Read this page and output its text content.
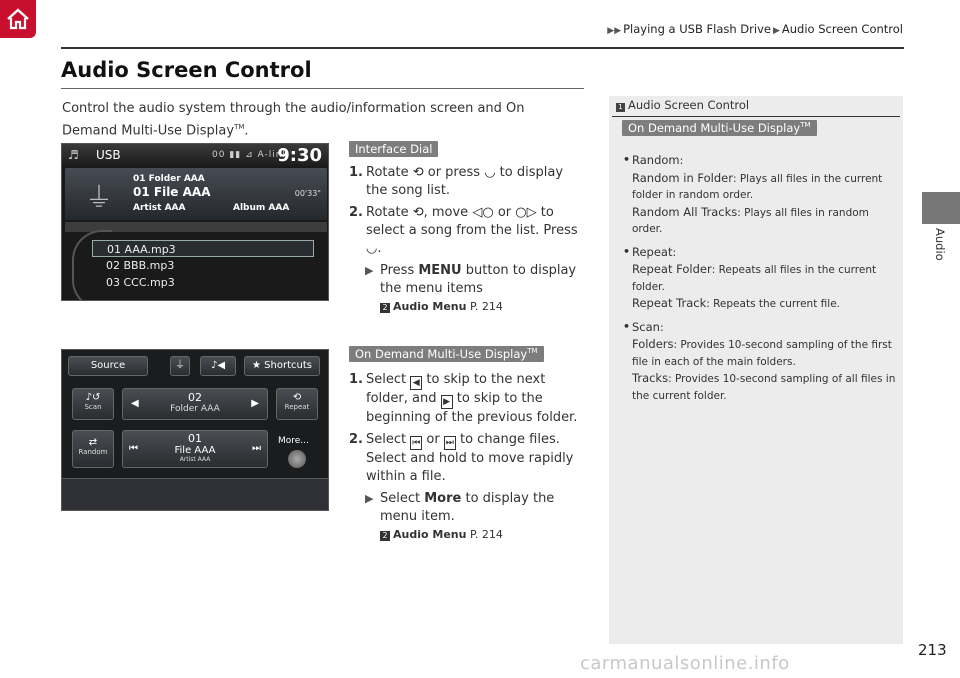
▶▶ Playing a USB Flash Drive ▶ Audio Screen Control
Audio
Audio Screen Control

Control the audio system through the audio/information screen and On Demand Multi-Use Display™.

♬ USB	00 ▮▮ ⊿ A-link
9:30
⏚
01 Folder AAA
01 File AAA
Artist AAA	Album AAA
00'33"
01 AAA.mp3
02 BBB.mp3
03 CCC.mp3
Source	⏚	♪◀	★ Shortcuts
♪↺
Scan	◀	02
Folder AAA	▶
⟲
Repeat
⇄
Random	⏮
01
File AAA
Artist AAA
⏭
More...
Interface Dial
1. Rotate ⟲ or press ◡ to display the song list.
2. Rotate ⟲, move ◁○ or ○▷ to select a song from the list. Press ◡.
▶ Press MENU button to display the menu items
2 Audio Menu P. 214
On Demand Multi-Use Display™
1. Select ◀ to skip to the next folder, and ▶ to skip to the beginning of the previous folder.
2. Select ⏮ or ⏭ to change files. Select and hold to move rapidly within a file.
▶ Select More to display the menu item.
2 Audio Menu P. 214
1 Audio Screen Control
On Demand Multi-Use Display™
• Random:
Random in Folder: Plays all files in the current folder in random order.
Random All Tracks: Plays all files in random order.
• Repeat:
Repeat Folder: Repeats all files in the current folder.
Repeat Track: Repeats the current file.
• Scan:
Folders: Provides 10-second sampling of the first file in each of the main folders.
Tracks: Provides 10-second sampling of all files in the current folder.
213
carmanualsonline.info
